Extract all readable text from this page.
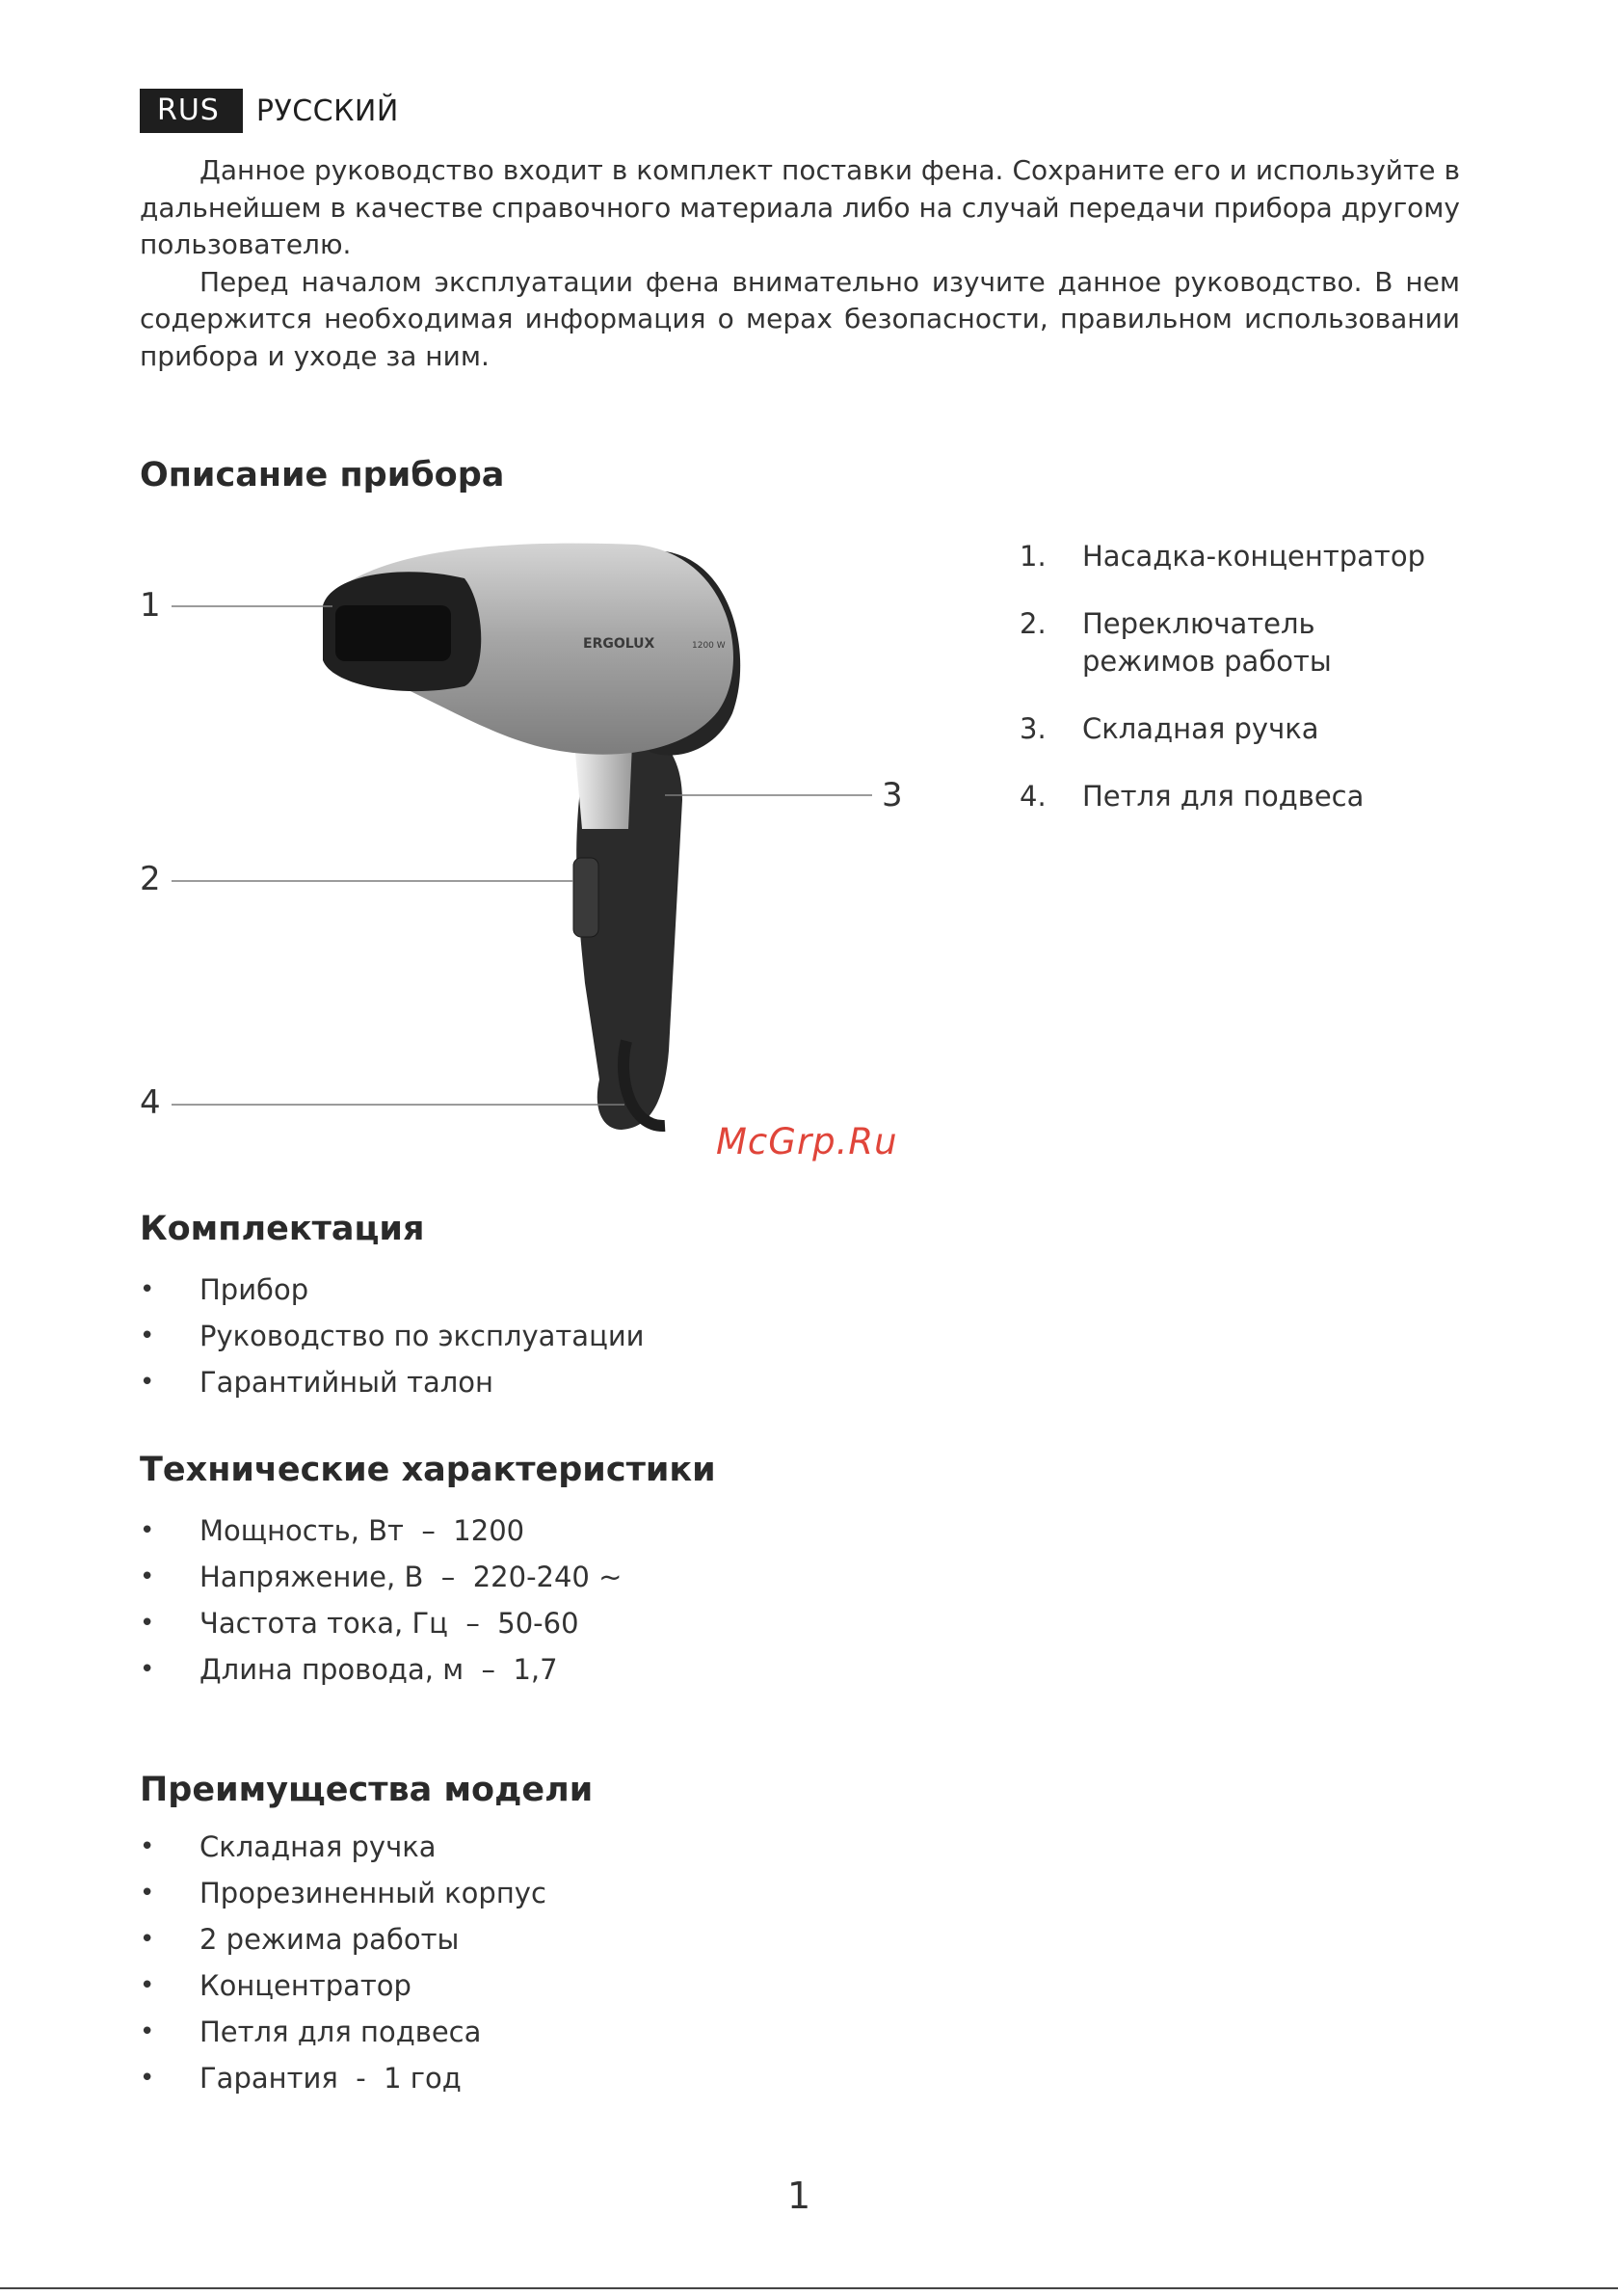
RUS	РУССКИЙ

Данное руководство входит в комплект поставки фена. Сохраните его и используйте в дальнейшем в качестве справочного материала либо на случай передачи прибора другому пользователю.

Перед началом эксплуатации фена внимательно изучите данное руководство. В нем содержится необходимая информация о мерах безопасности, правильном использовании прибора и уходе за ним.

Описание прибора
ERGOLUX	1200 W
1
2
3
4
1.	Насадка-концентратор
2.	Переключатель режимов работы
3.	Складная ручка
4.	Петля для подвеса
McGrp.Ru
Комплектация
•	Прибор
•	Руководство по эксплуатации
•	Гарантийный талон
Технические характеристики
•	Мощность, Вт  –  1200
•	Напряжение, В  –  220-240 ~
•	Частота тока, Гц  –  50-60
•	Длина провода, м  –  1,7
Преимущества модели
•	Складная ручка
•	Прорезиненный корпус
•	2 режима работы
•	Концентратор
•	Петля для подвеса
•	Гарантия  -  1 год
1
